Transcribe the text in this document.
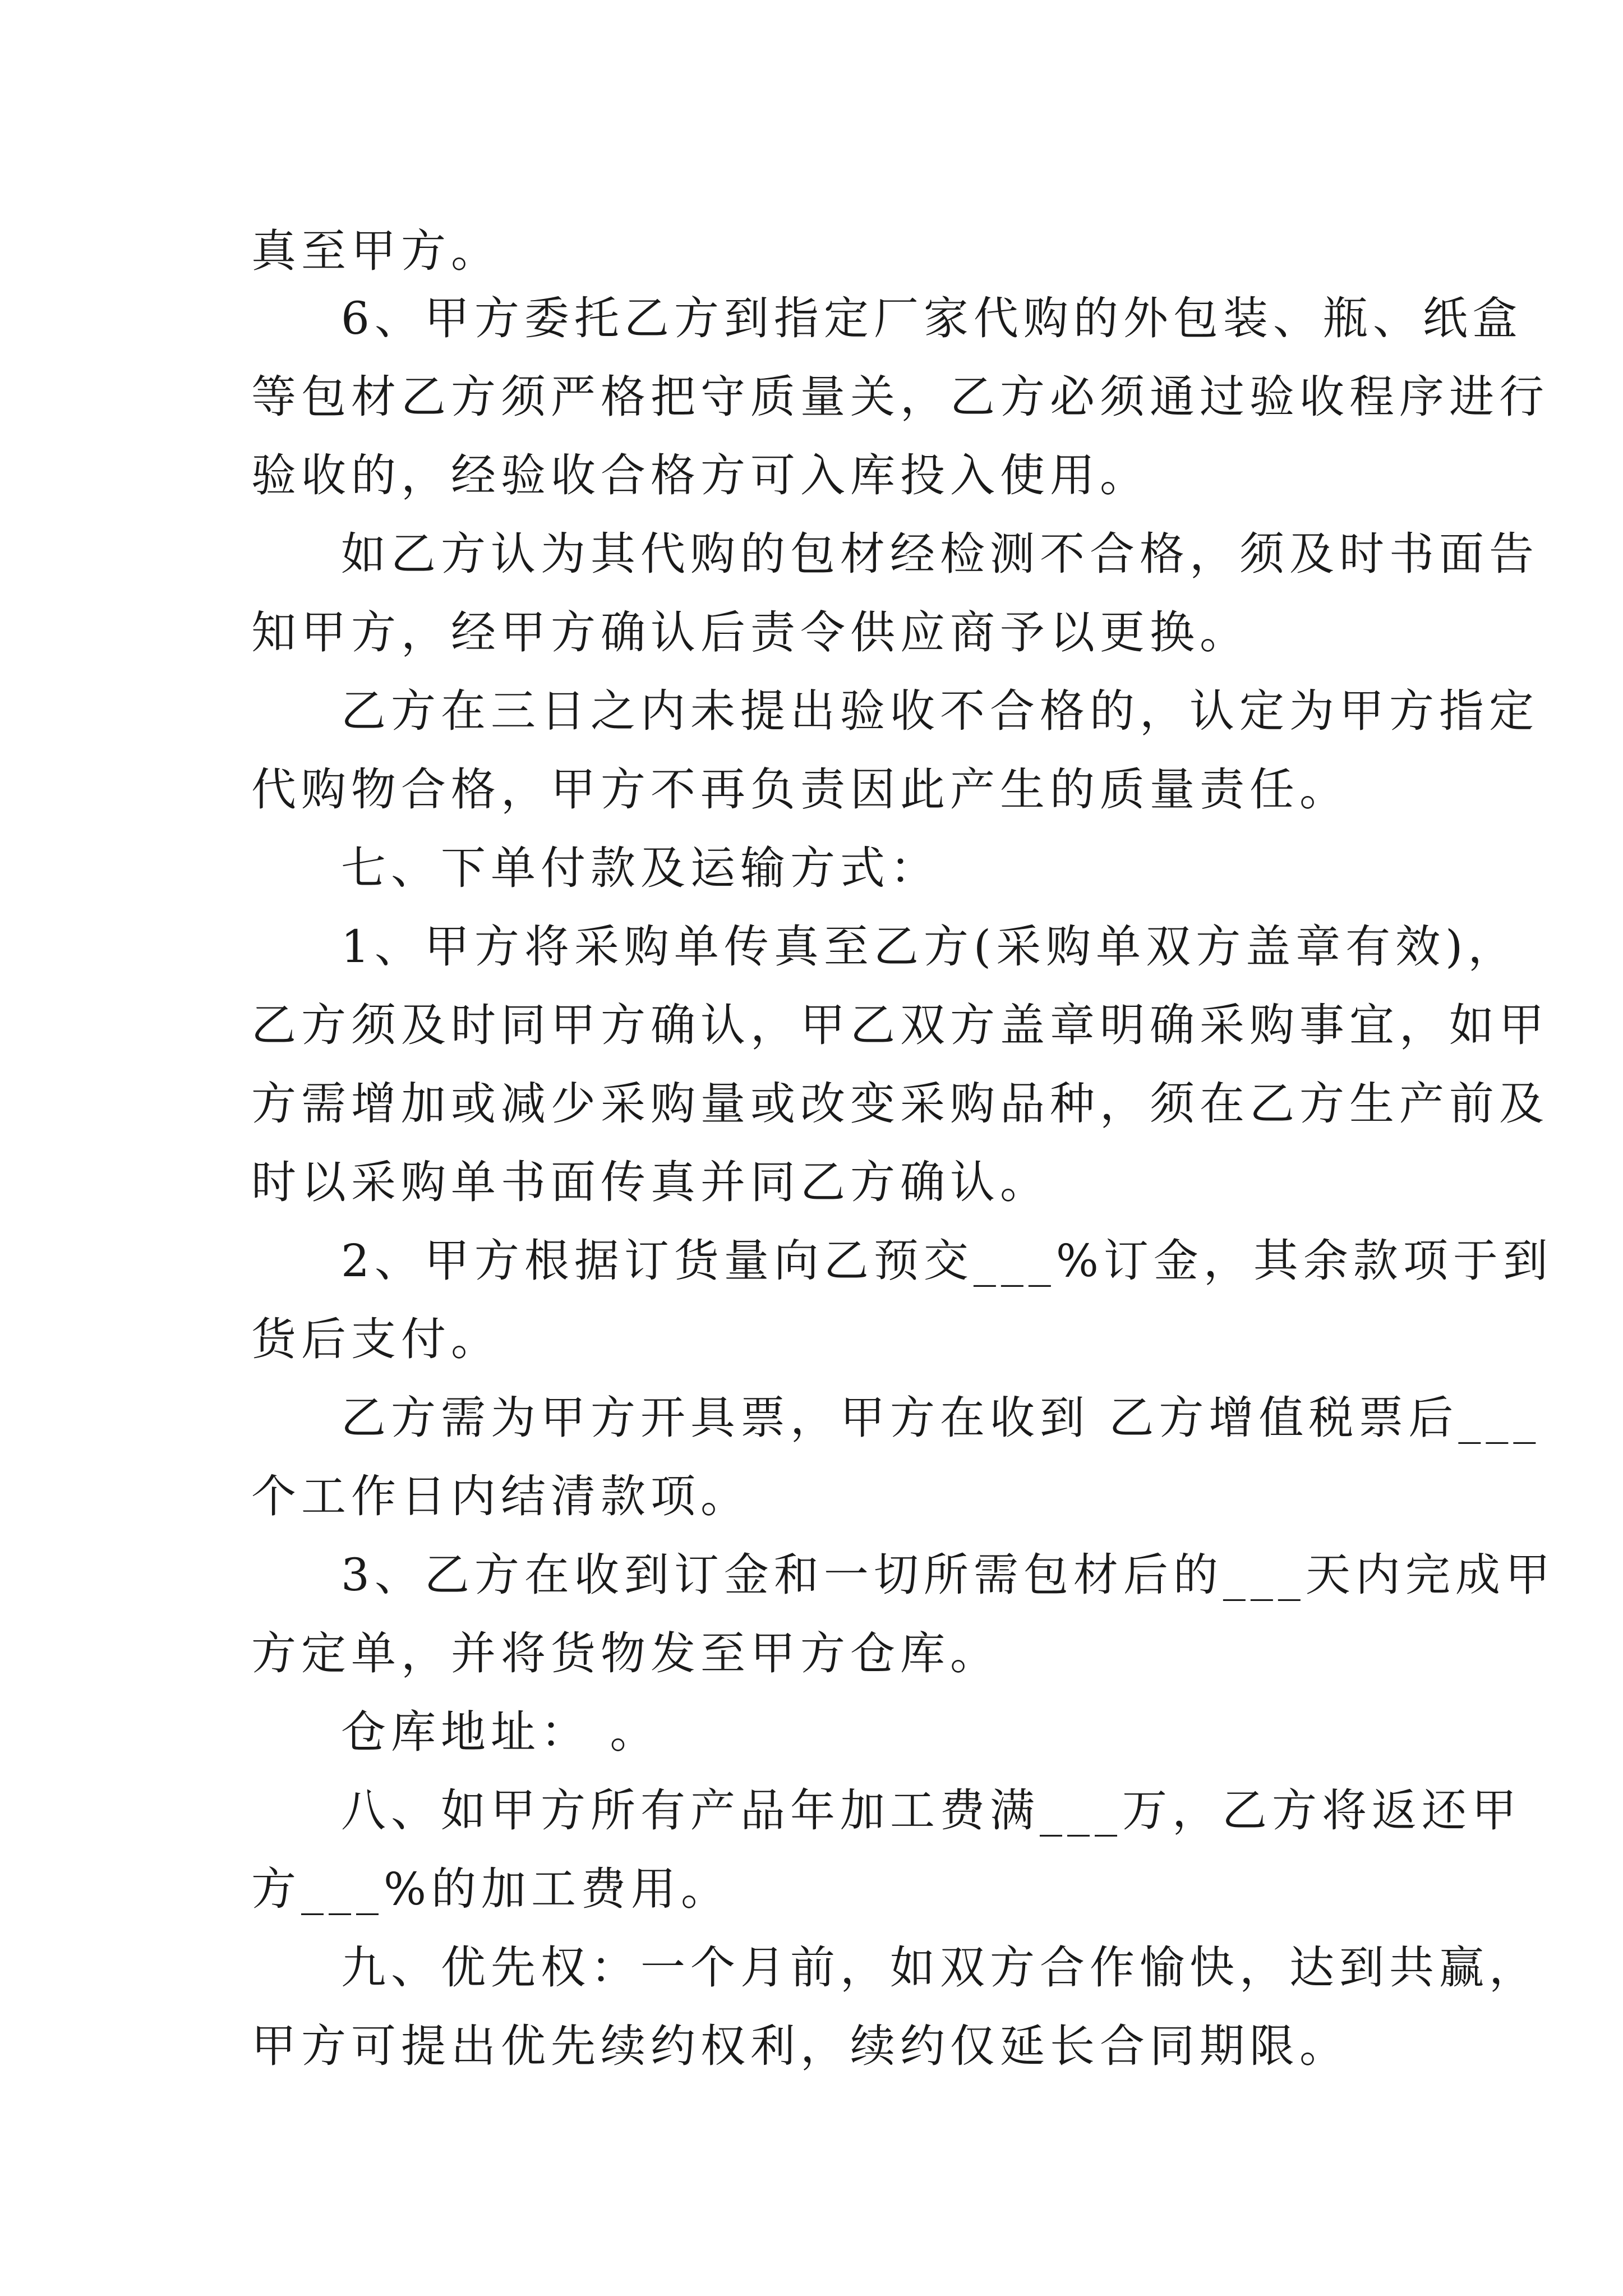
真至甲方。

6、甲方委托乙方到指定厂家代购的外包装、瓶、纸盒
等包材乙方须严格把守质量关，乙方必须通过验收程序进行
验收的，经验收合格方可入库投入使用。

如乙方认为其代购的包材经检测不合格，须及时书面告
知甲方，经甲方确认后责令供应商予以更换。

乙方在三日之内未提出验收不合格的，认定为甲方指定
代购物合格，甲方不再负责因此产生的质量责任。

七、下单付款及运输方式：

1、甲方将采购单传真至乙方(采购单双方盖章有效)，
乙方须及时同甲方确认，甲乙双方盖章明确采购事宜，如甲
方需增加或减少采购量或改变采购品种，须在乙方生产前及
时以采购单书面传真并同乙方确认。

2、甲方根据订货量向乙预交___%订金，其余款项于到
货后支付。

乙方需为甲方开具票，甲方在收到 乙方增值税票后___
个工作日内结清款项。

3、乙方在收到订金和一切所需包材后的___天内完成甲
方定单，并将货物发至甲方仓库。

仓库地址： 。

八、如甲方所有产品年加工费满___万，乙方将返还甲
方___%的加工费用。

九、优先权：一个月前，如双方合作愉快，达到共赢，
甲方可提出优先续约权利，续约仅延长合同期限。
